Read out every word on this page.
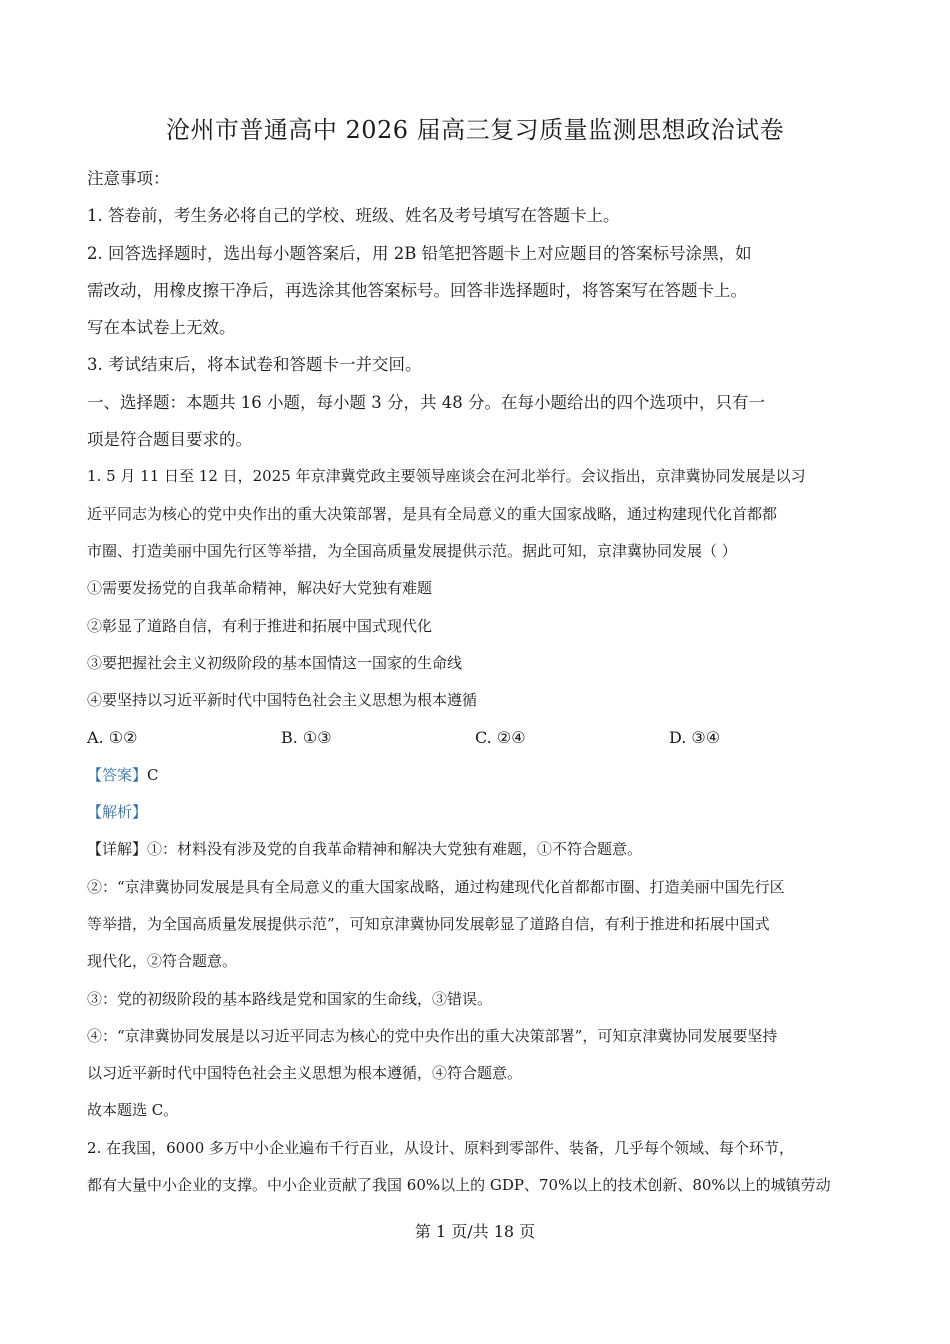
沧州市普通高中 2026 届高三复习质量监测思想政治试卷
注意事项：
1. 答卷前，考生务必将自己的学校、班级、姓名及考号填写在答题卡上。
2. 回答选择题时，选出每小题答案后，用 2B 铅笔把答题卡上对应题目的答案标号涂黑，如
需改动，用橡皮擦干净后，再选涂其他答案标号。回答非选择题时，将答案写在答题卡上。
写在本试卷上无效。
3. 考试结束后，将本试卷和答题卡一并交回。
一、选择题：本题共 16 小题，每小题 3 分，共 48 分。在每小题给出的四个选项中，只有一
项是符合题目要求的。
1. 5 月 11 日至 12 日，2025 年京津冀党政主要领导座谈会在河北举行。会议指出，京津冀协同发展是以习
近平同志为核心的党中央作出的重大决策部署，是具有全局意义的重大国家战略，通过构建现代化首都都
市圈、打造美丽中国先行区等举措，为全国高质量发展提供示范。据此可知，京津冀协同发展（ ）
①需要发扬党的自我革命精神，解决好大党独有难题
②彰显了道路自信，有利于推进和拓展中国式现代化
③要把握社会主义初级阶段的基本国情这一国家的生命线
④要坚持以习近平新时代中国特色社会主义思想为根本遵循
A. ①②	B. ①③	C. ②④	D. ③④
【答案】C
【解析】
【详解】①：材料没有涉及党的自我革命精神和解决大党独有难题，①不符合题意。
②：“京津冀协同发展是具有全局意义的重大国家战略，通过构建现代化首都都市圈、打造美丽中国先行区
等举措，为全国高质量发展提供示范”，可知京津冀协同发展彰显了道路自信，有利于推进和拓展中国式
现代化，②符合题意。
③：党的初级阶段的基本路线是党和国家的生命线，③错误。
④：“京津冀协同发展是以习近平同志为核心的党中央作出的重大决策部署”，可知京津冀协同发展要坚持
以习近平新时代中国特色社会主义思想为根本遵循，④符合题意。
故本题选 C。
2. 在我国，6000 多万中小企业遍布千行百业，从设计、原料到零部件、装备，几乎每个领域、每个环节，
都有大量中小企业的支撑。中小企业贡献了我国 60%以上的 GDP、70%以上的技术创新、80%以上的城镇劳动
第 1 页/共 18 页
